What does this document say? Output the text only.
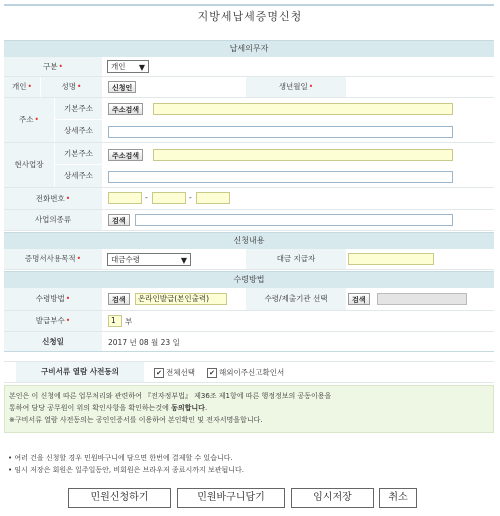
지방세납세증명신청
납세의무자
구분•	개인 ▼
개인•	성명•	신청인	생년월일•
주소•
기본주소	주소검색
상세주소
현사업장
기본주소	주소검색
상세주소
전화번호•	-	-
사업의종류	검색
신청내용
증명서사용목적•	대금수령	▼	대금 지급자
수령방법
수령방법•	검색	온라인발급(본인출력)	수령/제출기관 선택	검색
발급부수•	1	부
신청일	2017 년 08 월 23 일
구비서류 열람 사전동의	✔ 전체선택 ✔ 해외이주신고확인서
본인은 이 신청에 따른 업무처리와 관련하여 『전자정부법』 제36조 제1항에 따른 행정정보의 공동이용을
통하여 담당 공무원이 위의 확인사항을 확인하는것에 동의합니다.
※구비서류 열람 사전동의는 공인인증서를 이용하여 본인확인 및 전자서명을합니다.
• 여러 건을 신청할 경우 민원바구니에 담으면 한번에 결제할 수 있습니다.
• 임시 저장은 회원은 일주일동안, 비회원은 브라우저 종료시까지 보관됩니다.
민원신청하기	민원바구니담기	임시저장	취소
